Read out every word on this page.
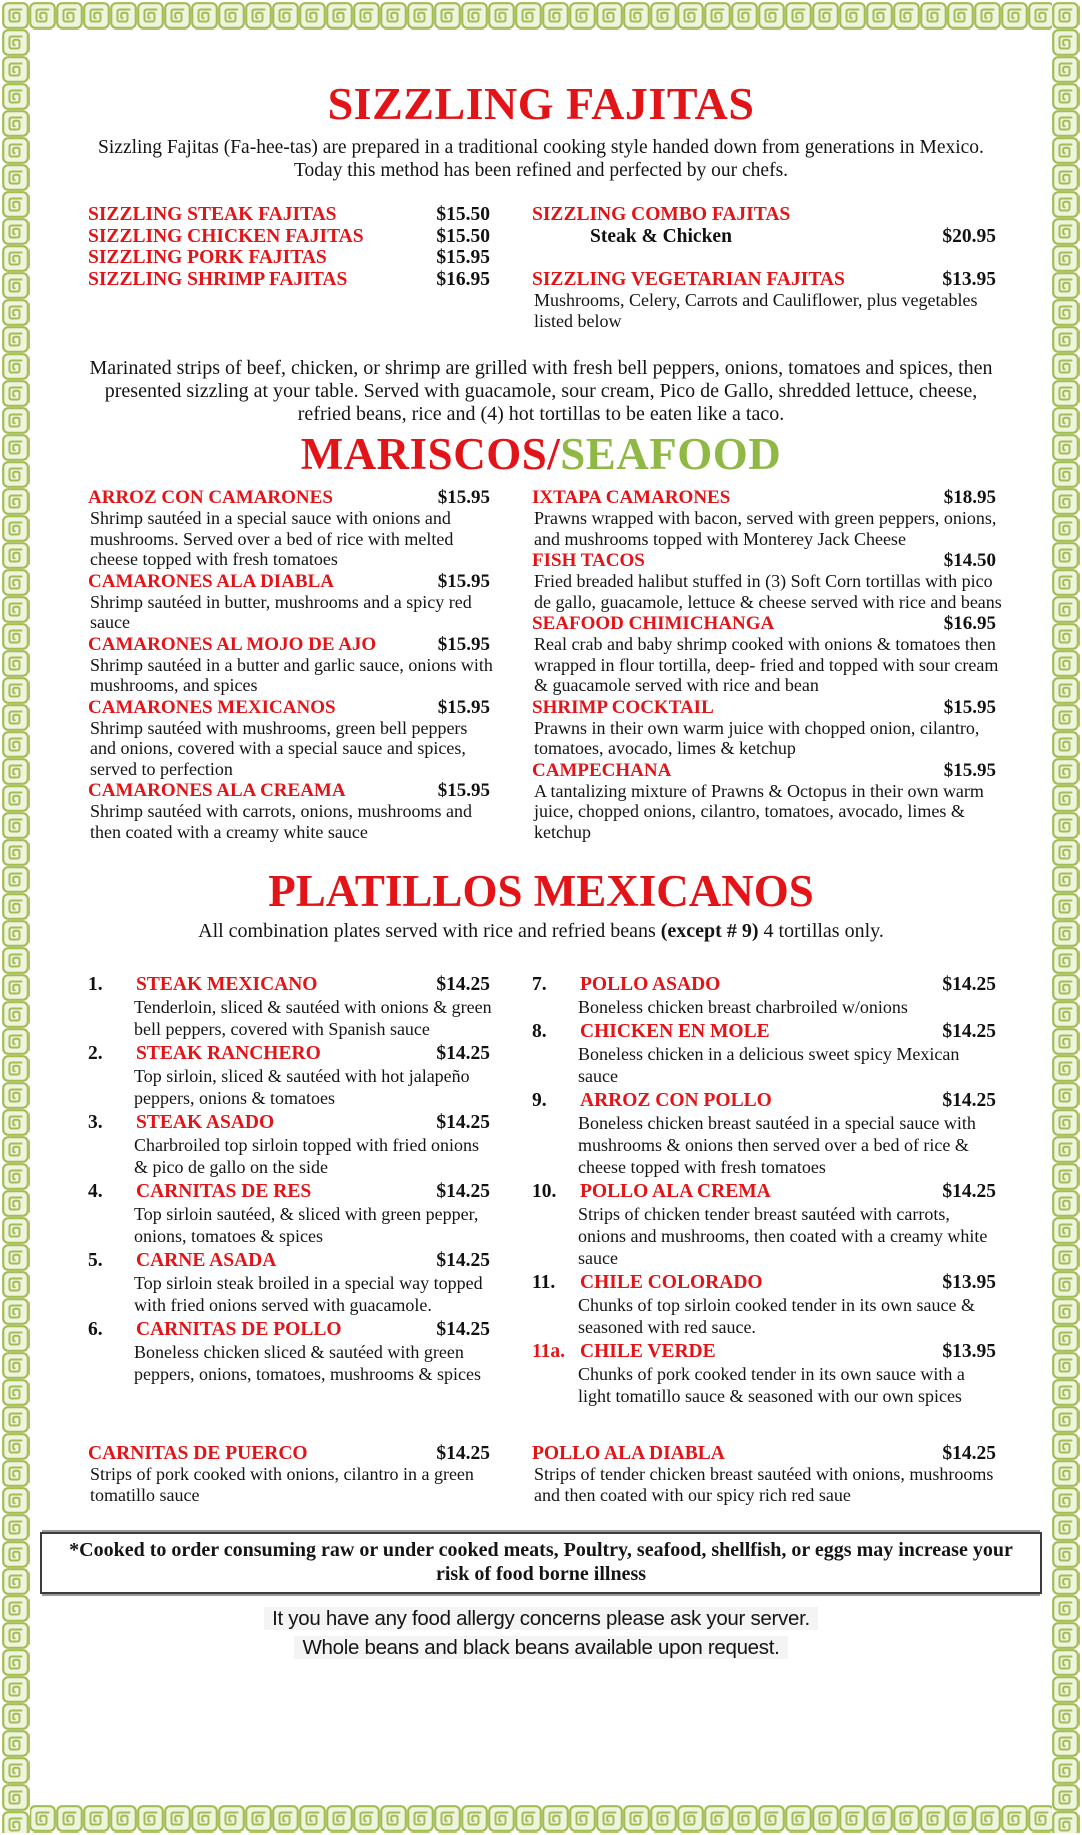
SIZZLING FAJITAS
Sizzling Fajitas (Fa-hee-tas) are prepared in a traditional cooking style handed down from generations in Mexico.
Today this method has been refined and perfected by our chefs.
SIZZLING STEAK FAJITAS	$15.50
SIZZLING CHICKEN FAJITAS	$15.50
SIZZLING PORK FAJITAS	$15.95
SIZZLING SHRIMP FAJITAS	$16.95
SIZZLING COMBO FAJITAS
Steak & Chicken	$20.95
SIZZLING VEGETARIAN FAJITAS	$13.95
Mushrooms, Celery, Carrots and Cauliflower, plus vegetables listed below
Marinated strips of beef, chicken, or shrimp are grilled with fresh bell peppers, onions, tomatoes and spices, then presented sizzling at your table. Served with guacamole, sour cream, Pico de Gallo, shredded lettuce, cheese, refried beans, rice and (4) hot tortillas to be eaten like a taco.
MARISCOS/SEAFOOD
ARROZ CON CAMARONES	$15.95
Shrimp sautéed in a special sauce with onions and mushrooms. Served over a bed of rice with melted cheese topped with fresh tomatoes
CAMARONES ALA DIABLA	$15.95
Shrimp sautéed in butter, mushrooms and a spicy red sauce
CAMARONES AL MOJO DE AJO	$15.95
Shrimp sautéed in a butter and garlic sauce, onions with mushrooms, and spices
CAMARONES MEXICANOS	$15.95
Shrimp sautéed with mushrooms, green bell peppers and onions, covered with a special sauce and spices, served to perfection
CAMARONES ALA CREAMA	$15.95
Shrimp sautéed with carrots, onions, mushrooms and then coated with a creamy white sauce
IXTAPA CAMARONES	$18.95
Prawns wrapped with bacon, served with green peppers, onions, and mushrooms topped with Monterey Jack Cheese
FISH TACOS	$14.50
Fried breaded halibut stuffed in (3) Soft Corn tortillas with pico de gallo, guacamole, lettuce & cheese served with rice and beans
SEAFOOD CHIMICHANGA	$16.95
Real crab and baby shrimp cooked with onions & tomatoes then wrapped in flour tortilla, deep- fried and topped with sour cream & guacamole served with rice and bean
SHRIMP COCKTAIL	$15.95
Prawns in their own warm juice with chopped onion, cilantro, tomatoes, avocado, limes & ketchup
CAMPECHANA	$15.95
A tantalizing mixture of Prawns & Octopus in their own warm juice, chopped onions, cilantro, tomatoes, avocado, limes & ketchup
PLATILLOS MEXICANOS
All combination plates served with rice and refried beans (except # 9) 4 tortillas only.
1.	STEAK MEXICANO	$14.25
Tenderloin, sliced & sautéed with onions & green bell peppers, covered with Spanish sauce
2.	STEAK RANCHERO	$14.25
Top sirloin, sliced & sautéed with hot jalapeño peppers, onions & tomatoes
3.	STEAK ASADO	$14.25
Charbroiled top sirloin topped with fried onions & pico de gallo on the side
4.	CARNITAS DE RES	$14.25
Top sirloin sautéed, & sliced with green pepper, onions, tomatoes & spices
5.	CARNE ASADA	$14.25
Top sirloin steak broiled in a special way topped with fried onions served with guacamole.
6.	CARNITAS DE POLLO	$14.25
Boneless chicken sliced & sautéed with green peppers, onions, tomatoes, mushrooms & spices
7.	POLLO ASADO	$14.25
Boneless chicken breast charbroiled w/onions
8.	CHICKEN EN MOLE	$14.25
Boneless chicken in a delicious sweet spicy Mexican sauce
9.	ARROZ CON POLLO	$14.25
Boneless chicken breast sautéed in a special sauce with mushrooms & onions then served over a bed of rice & cheese topped with fresh tomatoes
10.	POLLO ALA CREMA	$14.25
Strips of chicken tender breast sautéed with carrots, onions and mushrooms, then coated with a creamy white sauce
11.	CHILE COLORADO	$13.95
Chunks of top sirloin cooked tender in its own sauce & seasoned with red sauce.
11a. CHILE VERDE	$13.95
Chunks of pork cooked tender in its own sauce with a light tomatillo sauce & seasoned with our own spices
CARNITAS DE PUERCO	$14.25
Strips of pork cooked with onions, cilantro in a green tomatillo sauce
POLLO ALA DIABLA	$14.25
Strips of tender chicken breast sautéed with onions, mushrooms and then coated with our spicy rich red saue
*Cooked to order consuming raw or under cooked meats, Poultry, seafood, shellfish, or eggs may increase your risk of food borne illness
It you have any food allergy concerns please ask your server.
Whole beans and black beans available upon request.
